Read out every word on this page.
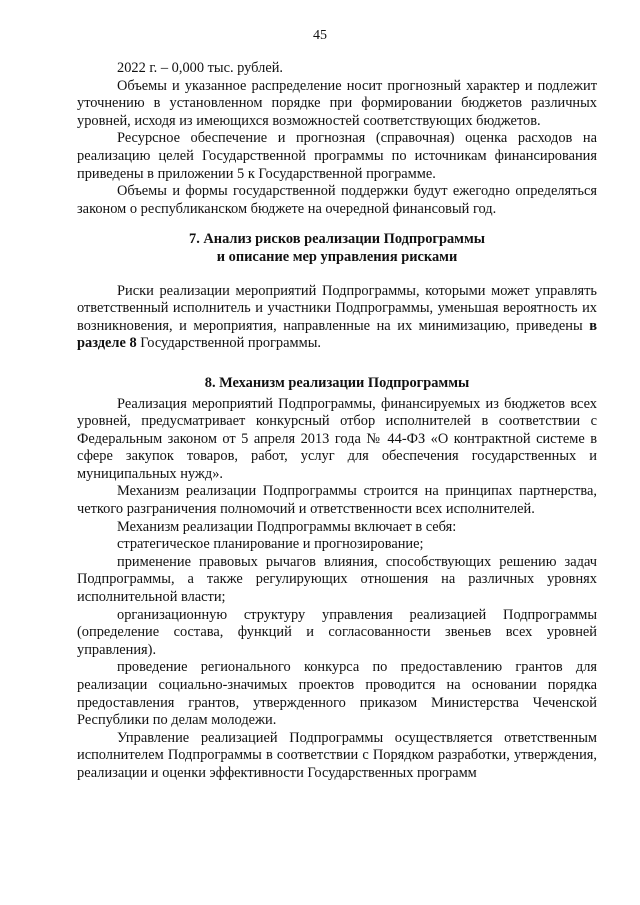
45

2022 г. – 0,000 тыс. рублей.

Объемы и указанное распределение носит прогнозный характер и подлежит уточнению в установленном порядке при формировании бюджетов различных уровней, исходя из имеющихся возможностей соответствующих бюджетов.

Ресурсное обеспечение и прогнозная (справочная) оценка расходов на реализацию целей Государственной программы по источникам финансирования приведены в приложении 5 к Государственной программе.

Объемы и формы государственной поддержки будут ежегодно определяться законом о республиканском бюджете на очередной финансовый год.

7. Анализ рисков реализации Подпрограммы
и описание мер управления рисками

Риски реализации мероприятий Подпрограммы, которыми может управлять ответственный исполнитель и участники Подпрограммы, уменьшая вероятность их возникновения, и мероприятия, направленные на их минимизацию, приведены в разделе 8 Государственной программы.

8. Механизм реализации Подпрограммы

Реализация мероприятий Подпрограммы, финансируемых из бюджетов всех уровней, предусматривает конкурсный отбор исполнителей в соответствии с Федеральным законом от 5 апреля 2013 года № 44-ФЗ «О контрактной системе в сфере закупок товаров, работ, услуг для обеспечения государственных и муниципальных нужд».

Механизм реализации Подпрограммы строится на принципах партнерства, четкого разграничения полномочий и ответственности всех исполнителей.

Механизм реализации Подпрограммы включает в себя:

стратегическое планирование и прогнозирование;

применение правовых рычагов влияния, способствующих решению задач Подпрограммы, а также регулирующих отношения на различных уровнях исполнительной власти;

организационную структуру управления реализацией Подпрограммы (определение состава, функций и согласованности звеньев всех уровней управления).

проведение регионального конкурса по предоставлению грантов для реализации социально-значимых проектов проводится на основании порядка предоставления грантов, утвержденного приказом Министерства Чеченской Республики по делам молодежи.

Управление реализацией Подпрограммы осуществляется ответственным исполнителем Подпрограммы в соответствии с Порядком разработки, утверждения, реализации и оценки эффективности Государственных программ
